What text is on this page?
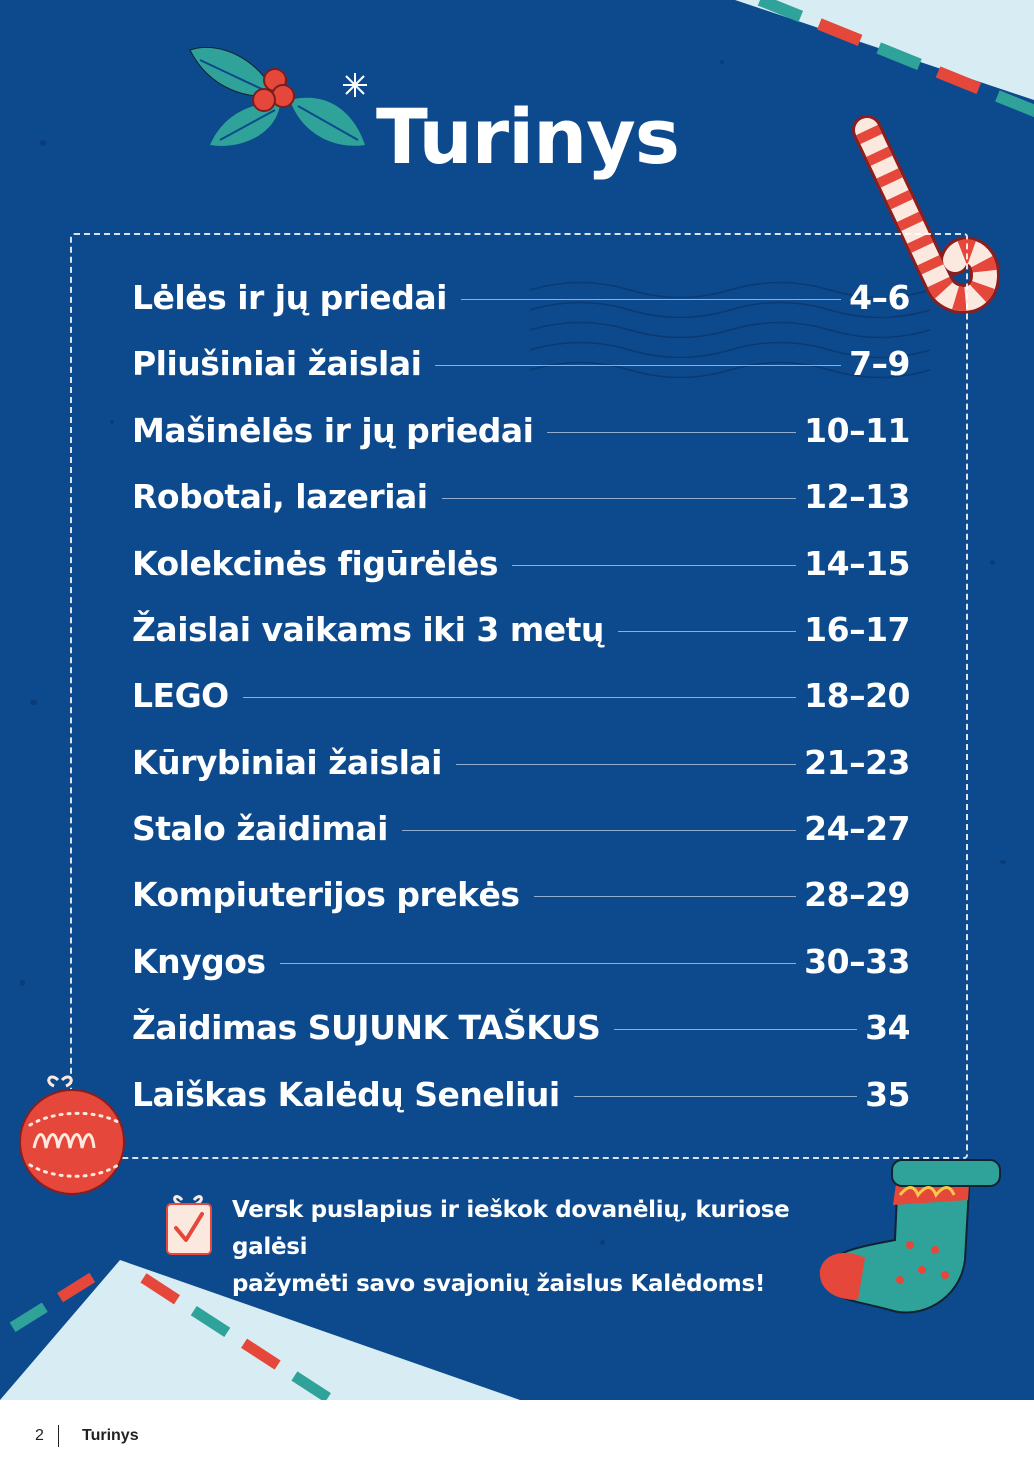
Turinys
Lėlės ir jų priedai	4–6
Pliušiniai žaislai	7–9
Mašinėlės ir jų priedai	10–11
Robotai, lazeriai	12–13
Kolekcinės figūrėlės	14–15
Žaislai vaikams iki 3 metų	16–17
LEGO	18–20
Kūrybiniai žaislai	21–23
Stalo žaidimai	24–27
Kompiuterijos prekės	28–29
Knygos	30–33
Žaidimas SUJUNK TAŠKUS	34
Laiškas Kalėdų Seneliui	35
Versk puslapius ir ieškok dovanėlių, kuriose galėsi
pažymėti savo svajonių žaislus Kalėdoms!
2 Turinys
